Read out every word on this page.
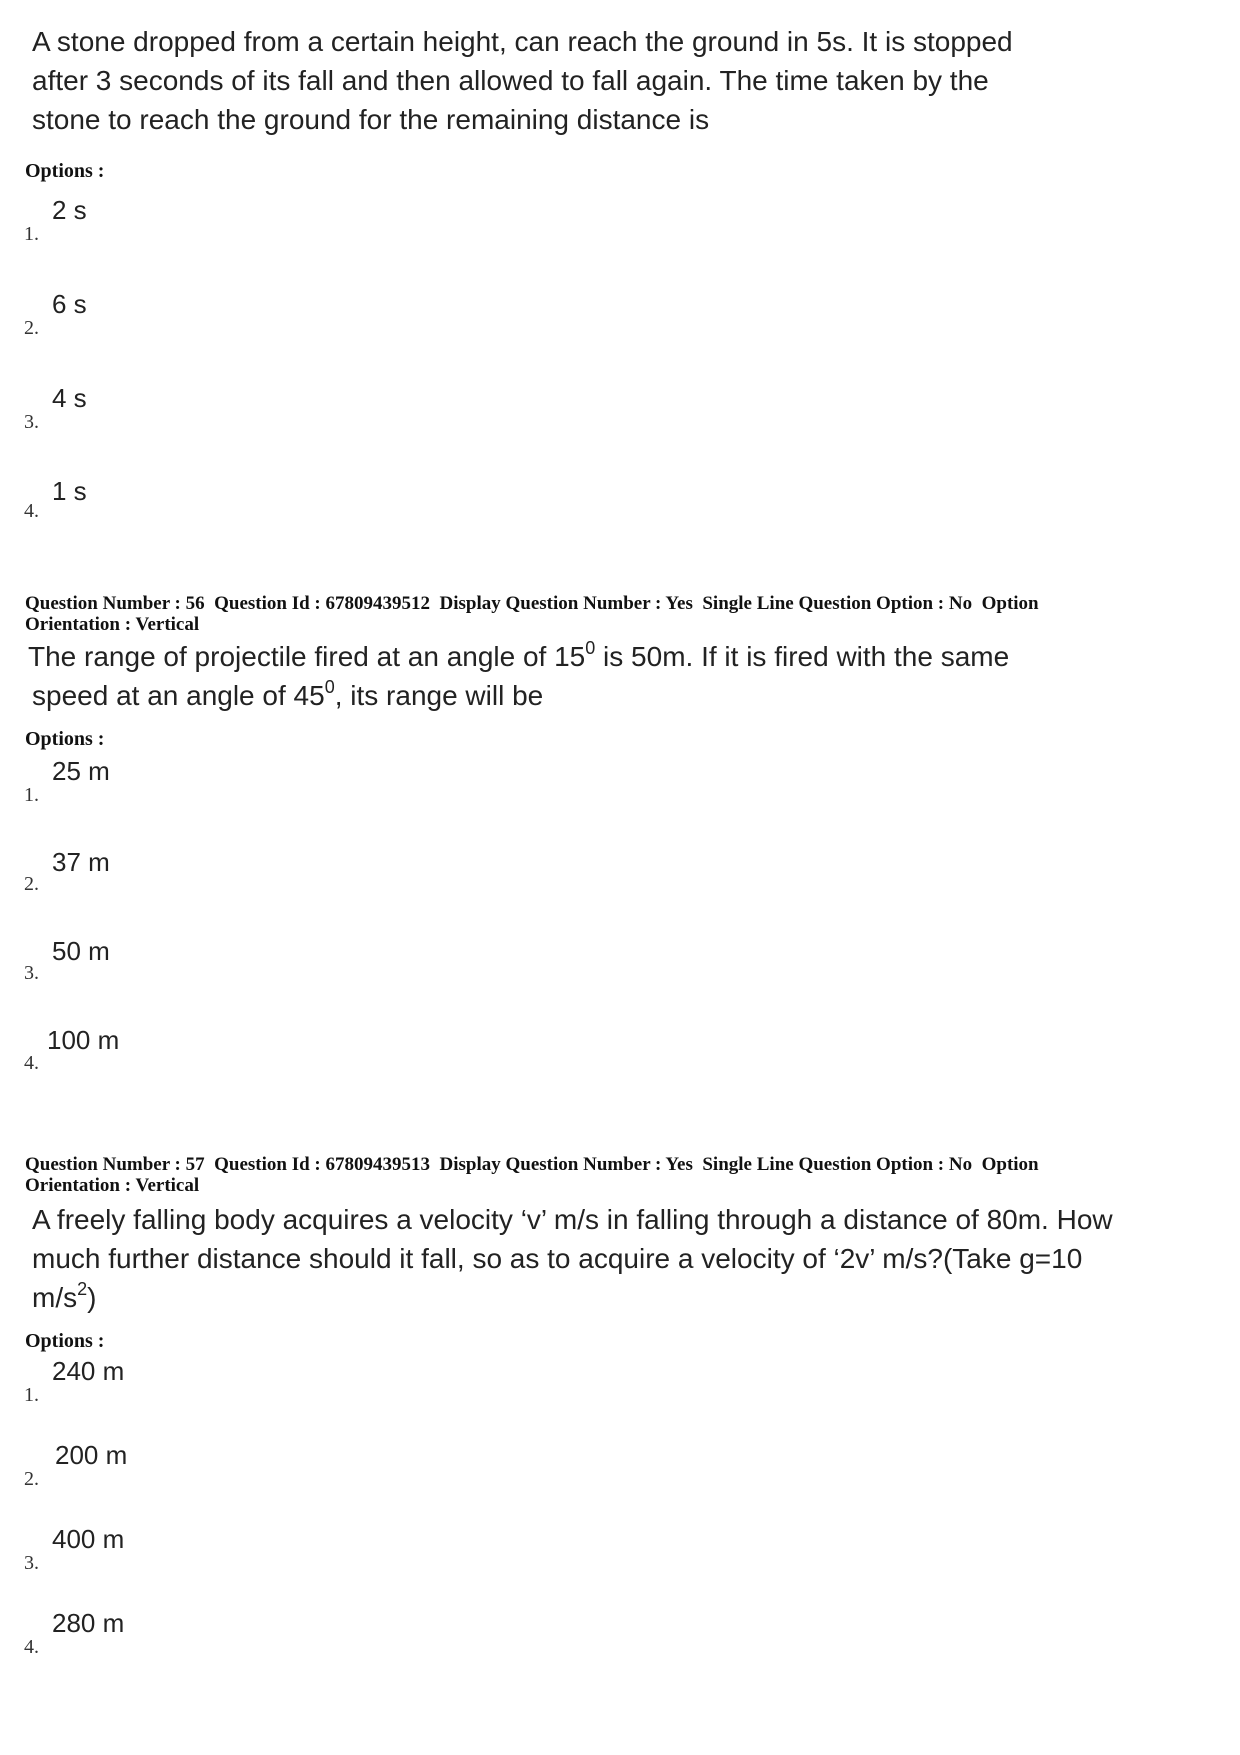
A stone dropped from a certain height, can reach the ground in 5s. It is stopped
after 3 seconds of its fall and then allowed to fall again. The time taken by the
stone to reach the ground for the remaining distance is
Options :
1.
2 s
2.
6 s
3.
4 s
4.
1 s
Question Number : 56  Question Id : 67809439512  Display Question Number : Yes  Single Line Question Option : No  Option
Orientation : Vertical
The range of projectile fired at an angle of $15^0$ is 50m. If it is fired with the same
speed at an angle of $45^0$, its range will be
Options :
1.
25 m
2.
37 m
3.
50 m
4.
100 m
Question Number : 57  Question Id : 67809439513  Display Question Number : Yes  Single Line Question Option : No  Option
Orientation : Vertical
A freely falling body acquires a velocity ‘v’ m/s in falling through a distance of 80m. How
much further distance should it fall, so as to acquire a velocity of ‘2v’ m/s?(Take g=10
$m/s^2$)
Options :
1.
240 m
2.
200 m
3.
400 m
4.
280 m
